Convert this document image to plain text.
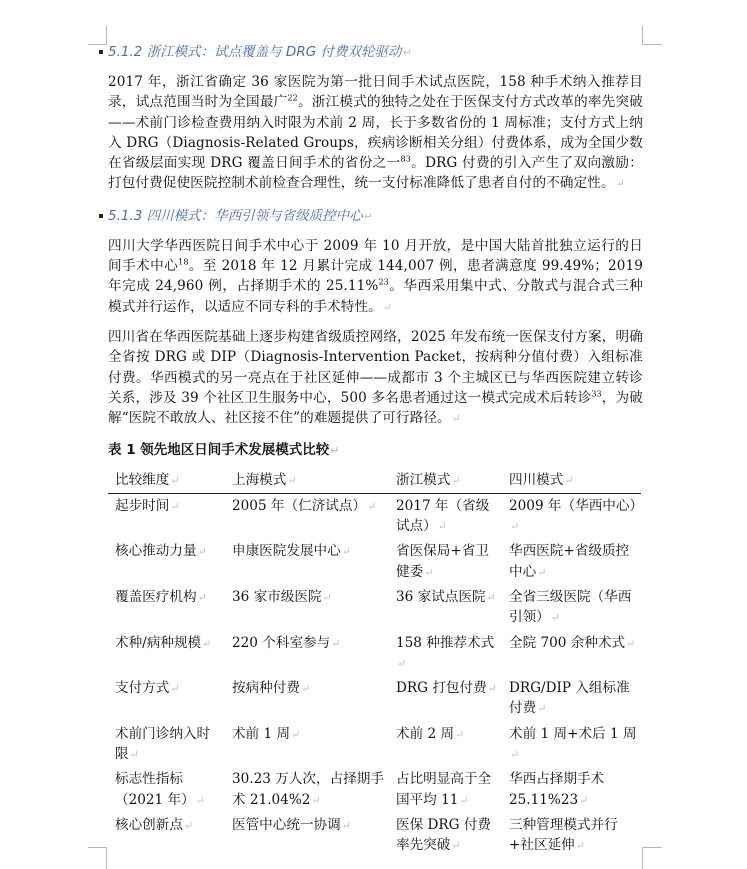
5.1.2 浙江模式：试点覆盖与 DRG 付费双轮驱动↵

2017 年，浙江省确定 36 家医院为第一批日间手术试点医院，158 种手术纳入推荐目录，试点范围当时为全国最广$^{22}$。浙江模式的独特之处在于医保支付方式改革的率先突破——术前门诊检查费用纳入时限为术前 2 周，长于多数省份的 1 周标准；支付方式上纳入 DRG（Diagnosis-Related Groups，疾病诊断相关分组）付费体系，成为全国少数在省级层面实现 DRG 覆盖日间手术的省份之一$^{83}$。DRG 付费的引入产生了双向激励：打包付费促使医院控制术前检查合理性，统一支付标准降低了患者自付的不确定性。↵

5.1.3 四川模式：华西引领与省级质控中心↵

四川大学华西医院日间手术中心于 2009 年 10 月开放，是中国大陆首批独立运行的日间手术中心$^{18}$。至 2018 年 12 月累计完成 144,007 例，患者满意度 99.49%；2019 年完成 24,960 例，占择期手术的 25.11%$^{23}$。华西采用集中式、分散式与混合式三种模式并行运作，以适应不同专科的手术特性。↵

四川省在华西医院基础上逐步构建省级质控网络，2025 年发布统一医保支付方案，明确全省按 DRG 或 DIP（Diagnosis-Intervention Packet，按病种分值付费）入组标准付费。华西模式的另一亮点在于社区延伸——成都市 3 个主城区已与华西医院建立转诊关系，涉及 39 个社区卫生服务中心，500 多名患者通过这一模式完成术后转诊$^{33}$，为破解“医院不敢放人、社区接不住”的难题提供了可行路径。↵

表 1 领先地区日间手术发展模式比较↵
比较维度↵	上海模式↵	浙江模式↵	四川模式↵
起步时间↵	2005 年（仁济试点）↵	2017 年（省级试点）↵	2009 年（华西中心）↵
核心推动力量↵	申康医院发展中心↵	省医保局+省卫健委↵	华西医院+省级质控中心↵
覆盖医疗机构↵	36 家市级医院↵	36 家试点医院↵	全省三级医院（华西引领）↵
术种/病种规模↵	220 个科室参与↵	158 种推荐术式↵	全院 700 余种术式↵
支付方式↵	按病种付费↵	DRG 打包付费↵	DRG/DIP 入组标准付费↵
术前门诊纳入时限↵	术前 1 周↵	术前 2 周↵	术前 1 周+术后 1 周↵
标志性指标（2021 年）↵	30.23 万人次，占择期手术 21.04%2↵	占比明显高于全国平均 11↵	华西占择期手术 25.11%23↵
核心创新点↵	医管中心统一协调↵	医保 DRG 付费率先突破↵	三种管理模式并行+社区延伸↵
